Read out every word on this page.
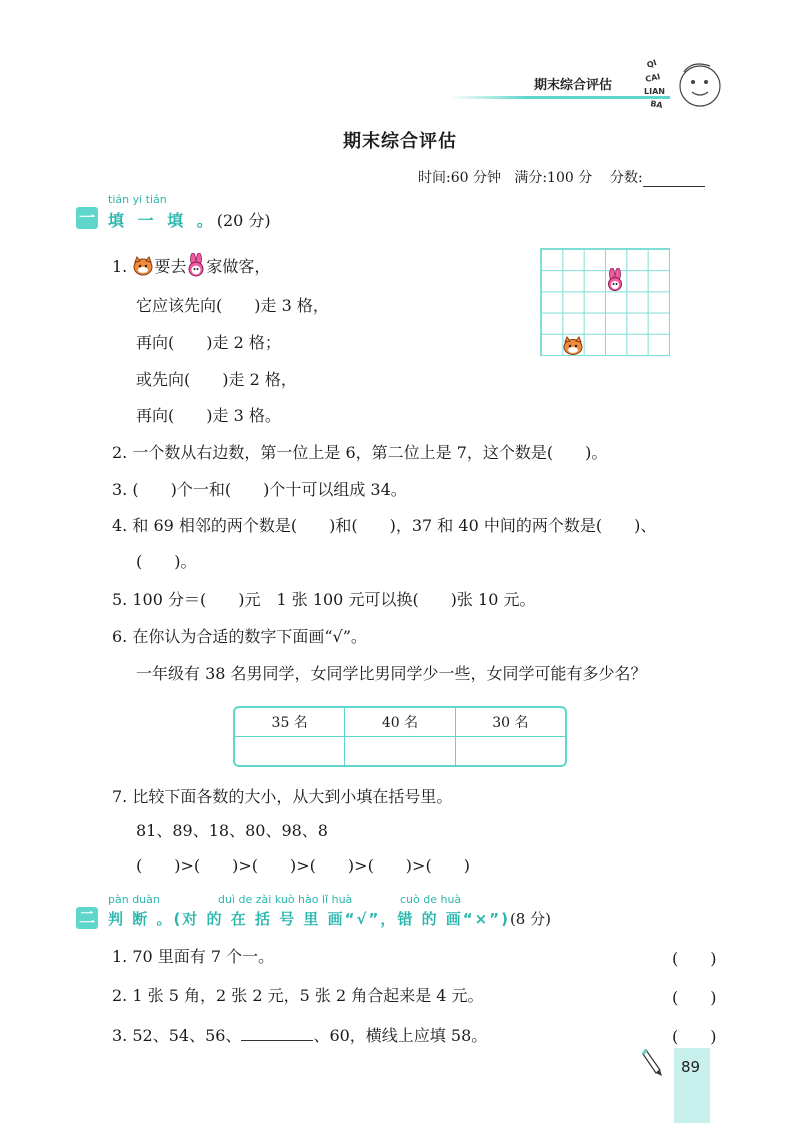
期末综合评估
QI
CAI
LIAN
BA
期末综合评估
时间:60 分钟 满分:100 分 分数:
tián yi tián
一 填 一 填 。(20 分)
1. 要去 家做客，
它应该先向(　　)走 3 格，
再向(　　)走 2 格；
或先向(　　)走 2 格，
再向(　　)走 3 格。
2. 一个数从右边数，第一位上是 6，第二位上是 7，这个数是(　　)。
3. (　　)个一和(　　)个十可以组成 34。
4. 和 69 相邻的两个数是(　　)和(　　)，37 和 40 中间的两个数是(　　)、
(　　)。
5. 100 分＝(　　)元　1 张 100 元可以换(　　)张 10 元。
6. 在你认为合适的数字下面画“√”。
一年级有 38 名男同学，女同学比男同学少一些，女同学可能有多少名？
35 名	40 名	30 名

7. 比较下面各数的大小，从大到小填在括号里。
81、89、18、80、98、8
(　　)>(　　)>(　　)>(　　)>(　　)>(　　)
pàn duàn	duì de zài kuò hào lǐ huà	cuò de huà
二 判 断 。(对 的 在 括 号 里 画“√”，错 的 画“×”)(8 分)
1. 70 里面有 7 个一。	(　　)
2. 1 张 5 角，2 张 2 元，5 张 2 角合起来是 4 元。	(　　)
3. 52、54、56、	、60，横线上应填 58。	(　　)
89
